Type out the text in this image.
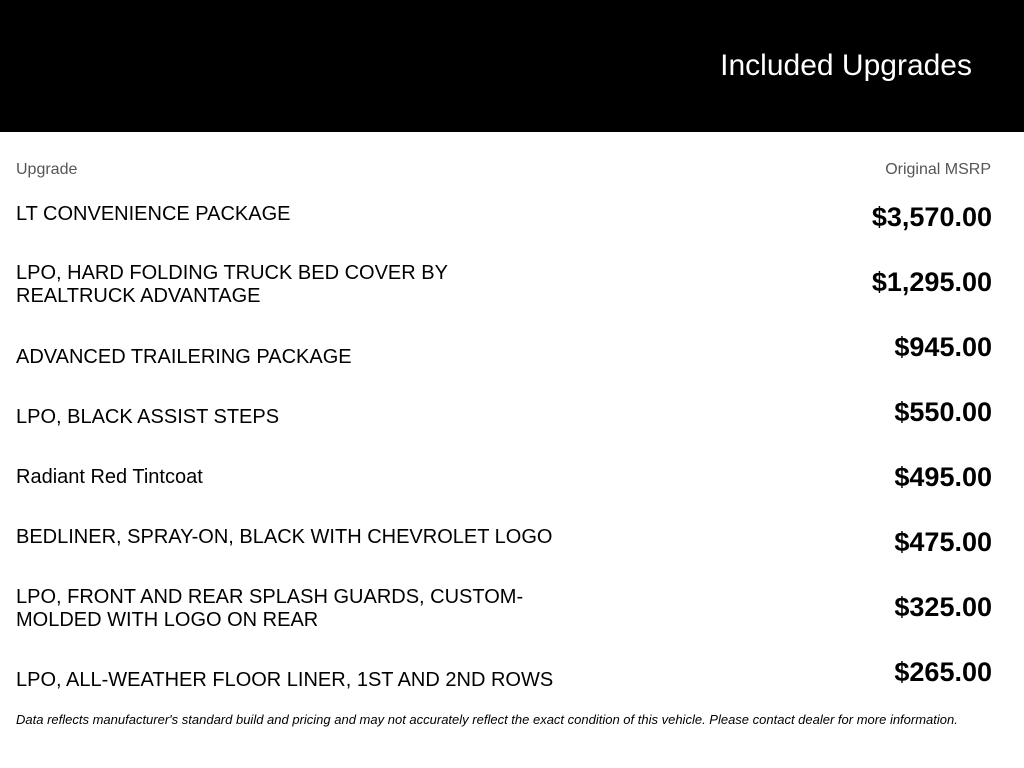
Included Upgrades
Upgrade	Original MSRP
LT CONVENIENCE PACKAGE	$3,570.00
LPO, HARD FOLDING TRUCK BED COVER BY REALTRUCK ADVANTAGE	$1,295.00
ADVANCED TRAILERING PACKAGE	$945.00
LPO, BLACK ASSIST STEPS	$550.00
Radiant Red Tintcoat	$495.00
BEDLINER, SPRAY-ON, BLACK WITH CHEVROLET LOGO	$475.00
LPO, FRONT AND REAR SPLASH GUARDS, CUSTOM-MOLDED WITH LOGO ON REAR	$325.00
LPO, ALL-WEATHER FLOOR LINER, 1ST AND 2ND ROWS	$265.00
Data reflects manufacturer's standard build and pricing and may not accurately reflect the exact condition of this vehicle. Please contact dealer for more information.
